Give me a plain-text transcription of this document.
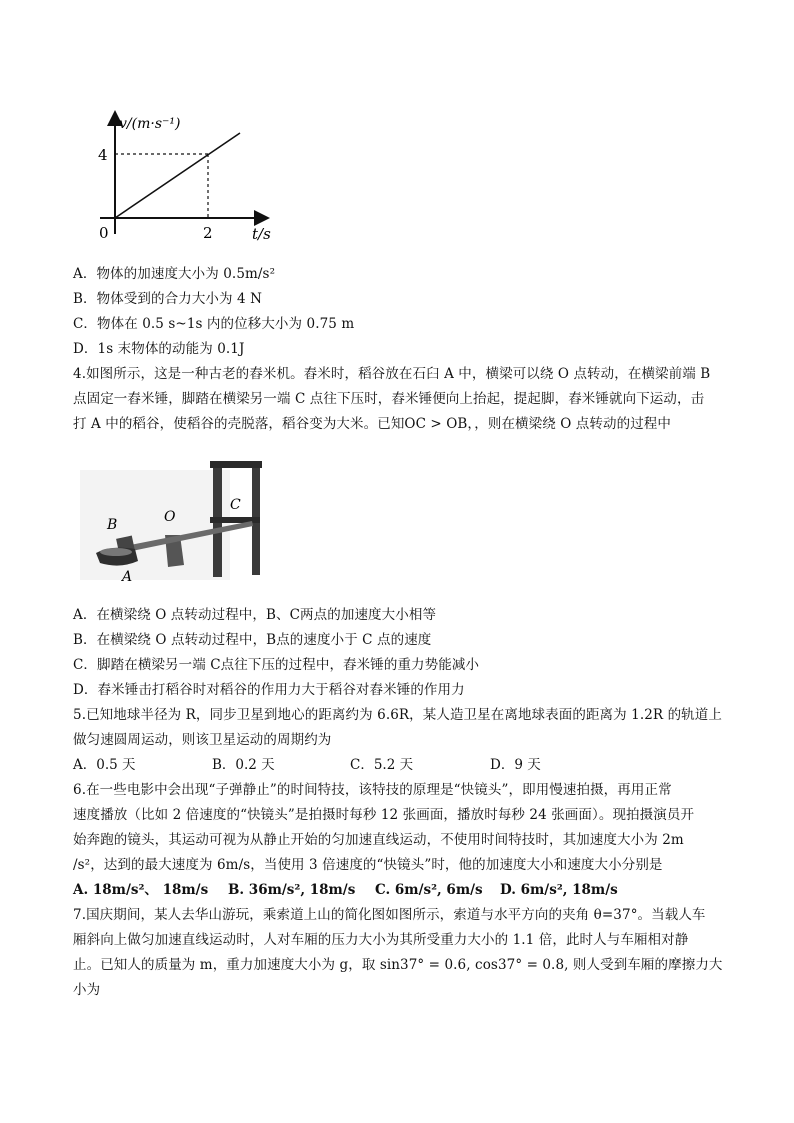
v/(m·s⁻¹)
4
0	2	t/s
A．物体的加速度大小为 0.5m/s²
B．物体受到的合力大小为 4 N
C．物体在 0.5 s~1s 内的位移大小为 0.75 m
D．1s 末物体的动能为 0.1J
4.如图所示，这是一种古老的舂米机。舂米时，稻谷放在石臼 A 中，横梁可以绕 O 点转动，在横梁前端 B
点固定一舂米锤，脚踏在横梁另一端 C 点往下压时，舂米锤便向上抬起，提起脚，舂米锤就向下运动，击
打 A 中的稻谷，使稻谷的壳脱落，稻谷变为大米。已知OC > OB，，则在横梁绕 O 点转动的过程中
B	O
C
A
A．在横梁绕 O 点转动过程中，B、C两点的加速度大小相等
B．在横梁绕 O 点转动过程中，B点的速度小于 C 点的速度
C．脚踏在横梁另一端 C点往下压的过程中，舂米锤的重力势能减小
D．舂米锤击打稻谷时对稻谷的作用力大于稻谷对舂米锤的作用力
5.已知地球半径为 R，同步卫星到地心的距离约为 6.6R，某人造卫星在离地球表面的距离为 1.2R 的轨道上
做匀速圆周运动，则该卫星运动的周期约为
A．0.5 天	B．0.2 天	C．5.2 天	D．9 天
6.在一些电影中会出现“子弹静止”的时间特技，该特技的原理是“快镜头”，即用慢速拍摄，再用正常
速度播放（比如 2 倍速度的“快镜头”是拍摄时每秒 12 张画面，播放时每秒 24 张画面）。现拍摄演员开
始奔跑的镜头，其运动可视为从静止开始的匀加速直线运动，不使用时间特技时，其加速度大小为 2m
/s²，达到的最大速度为 6m/s，当使用 3 倍速度的“快镜头”时，他的加速度大小和速度大小分别是
A. 18m/s²、 18m/s B. 36m/s², 18m/s C. 6m/s², 6m/s D. 6m/s², 18m/s
7.国庆期间，某人去华山游玩，乘索道上山的简化图如图所示，索道与水平方向的夹角 θ=37°。当载人车
厢斜向上做匀加速直线运动时，人对车厢的压力大小为其所受重力大小的 1.1 倍，此时人与车厢相对静
止。已知人的质量为 m，重力加速度大小为 g，取 sin37° = 0.6, cos37° = 0.8, 则人受到车厢的摩擦力大
小为
